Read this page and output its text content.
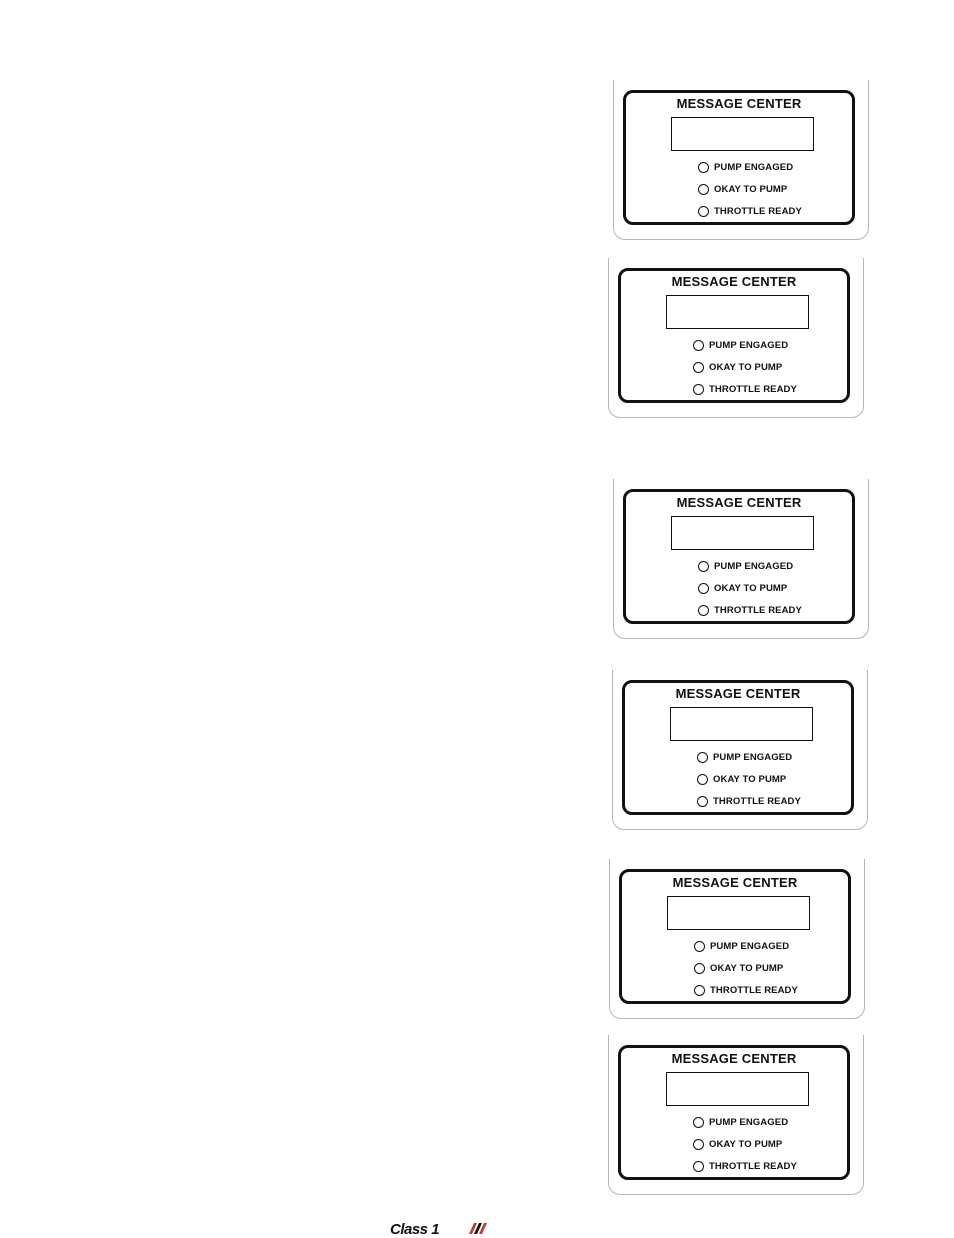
MESSAGE CENTER
PUMP ENGAGED
OKAY TO PUMP
THROTTLE READY
MESSAGE CENTER
PUMP ENGAGED
OKAY TO PUMP
THROTTLE READY
MESSAGE CENTER
PUMP ENGAGED
OKAY TO PUMP
THROTTLE READY
MESSAGE CENTER
PUMP ENGAGED
OKAY TO PUMP
THROTTLE READY
MESSAGE CENTER
PUMP ENGAGED
OKAY TO PUMP
THROTTLE READY
MESSAGE CENTER
PUMP ENGAGED
OKAY TO PUMP
THROTTLE READY
Class 1
